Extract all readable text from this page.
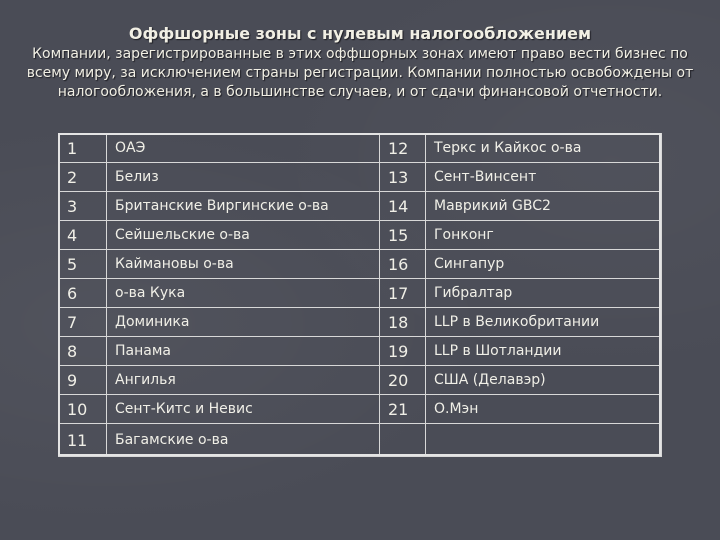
Оффшорные зоны с нулевым налогообложением
Компании, зарегистрированные в этих оффшорных зонах имеют право вести бизнес по всему миру, за исключением страны регистрации. Компании полностью освобождены от налогообложения, а в большинстве случаев, и от сдачи финансовой отчетности.
1	ОАЭ	12	Теркс и Кайкос о-ва
2	Белиз	13	Сент-Винсент
3	Британские Виргинские о-ва	14	Маврикий GBC2
4	Сейшельские о-ва	15	Гонконг
5	Каймановы о-ва	16	Сингапур
6	о-ва Кука	17	Гибралтар
7	Доминика	18	LLP в Великобритании
8	Панама	19	LLP в Шотландии
9	Ангилья	20	США (Делавэр)
10	Сент-Китс и Невис	21	О.Мэн
11	Багамские о-ва		
